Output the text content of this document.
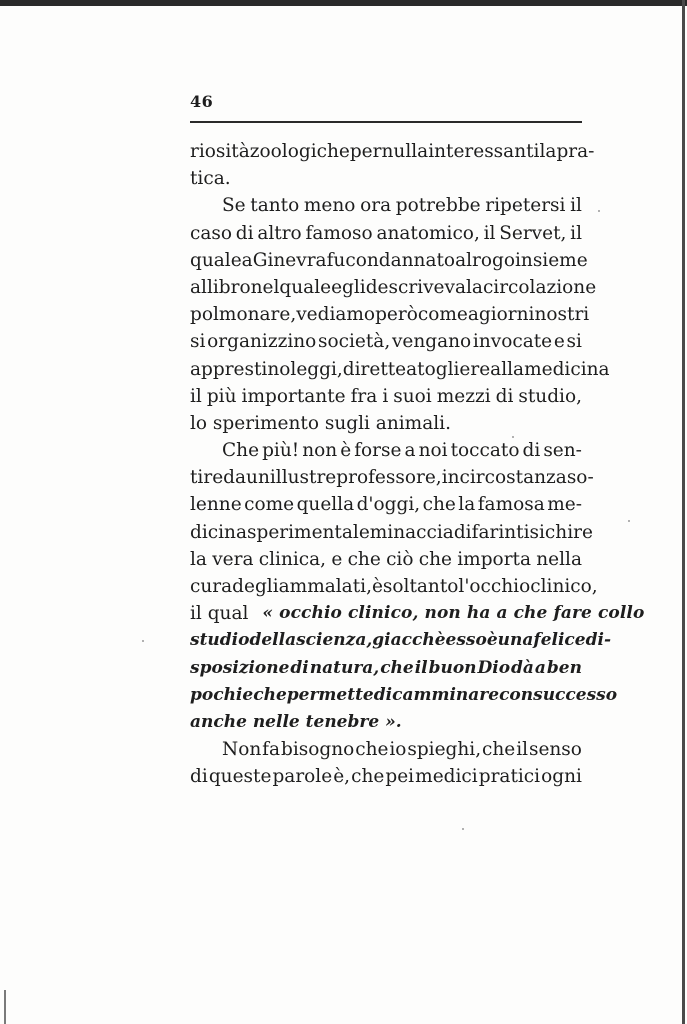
46
riosità zoologiche per nulla interessanti la pra-
tica.
Se tanto meno ora potrebbe ripetersi il
caso di altro famoso anatomico, il Servet, il
quale a Ginevra fu condannato al rogo insieme
al libro nel quale egli descriveva la circolazione
polmonare, vediamo però come a giorni nostri
si organizzino società, vengano invocate e si
apprestino leggi, dirette a togliere alla medicina
il più importante fra i suoi mezzi di studio,
lo sperimento sugli animali.
Che più! non è forse a noi toccato di sen-
tire da un illustre professore, in circostanza so-
lenne come quella d'oggi, che la famosa me-
dicina sperimentale minaccia di far intisichire
la vera clinica, e che ciò che importa nella
cura degli ammalati, è soltanto l'occhio clinico,
il qual « occhio clinico, non ha a che fare collo
studio della scienza, giacchè esso è una felice di-
sposizione di natura, che il buon Dio dà a ben
pochi e che permette di camminare con successo
anche nelle tenebre ».
Non fa bisogno che io spieghi, che il senso
di queste parole è, che pei medici pratici ogni
